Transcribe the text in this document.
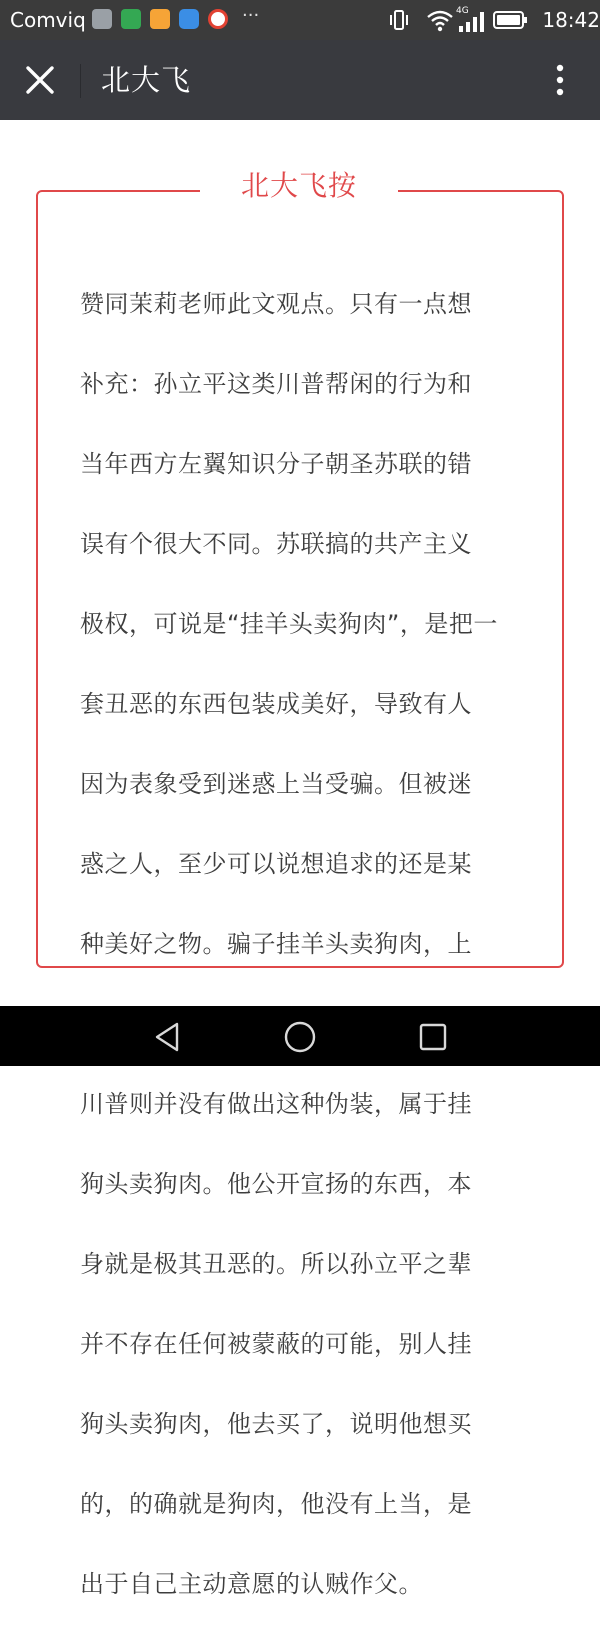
Comviq	···	4G	18:42
北大飞
北大飞按

赞同茉莉老师此文观点。只有一点想

补充：孙立平这类川普帮闲的行为和

当年西方左翼知识分子朝圣苏联的错

误有个很大不同。苏联搞的共产主义

极权，可说是“挂羊头卖狗肉”，是把一

套丑恶的东西包装成美好，导致有人

因为表象受到迷惑上当受骗。但被迷

惑之人，至少可以说想追求的还是某

种美好之物。骗子挂羊头卖狗肉，上

川普则并没有做出这种伪装，属于挂

狗头卖狗肉。他公开宣扬的东西，本

身就是极其丑恶的。所以孙立平之辈

并不存在任何被蒙蔽的可能，别人挂

狗头卖狗肉，他去买了，说明他想买

的，的确就是狗肉，他没有上当，是

出于自己主动意愿的认贼作父。
